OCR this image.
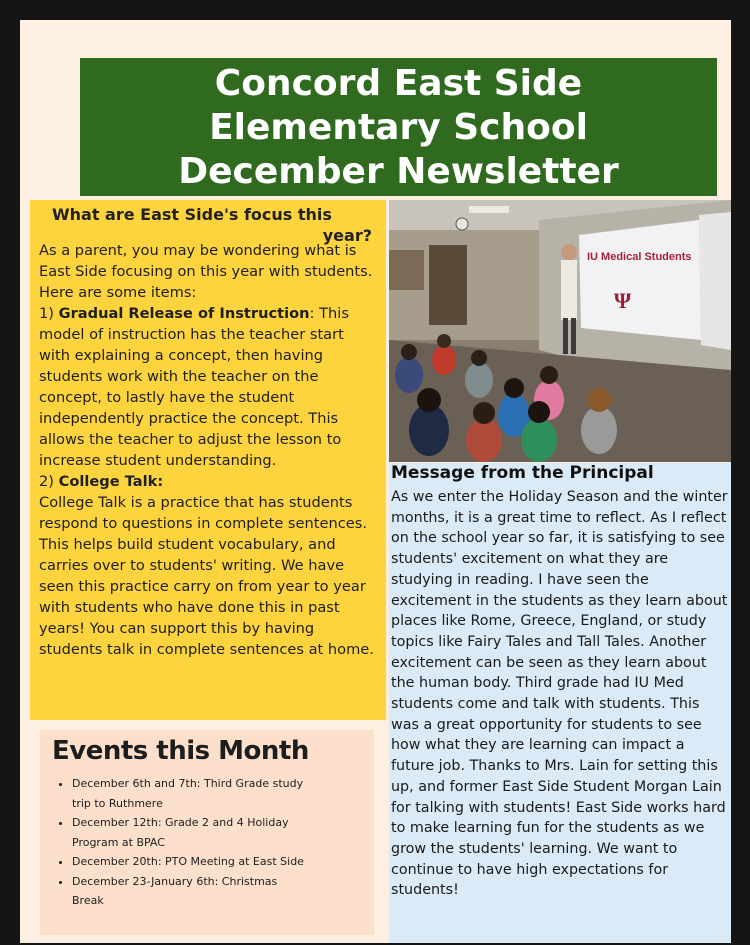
Concord East Side
Elementary School
December Newsletter
What are East Side's focus this
year?

As a parent, you may be wondering what is East Side focusing on this year with students. Here are some items:

1) Gradual Release of Instruction: This model of instruction has the teacher start with explaining a concept, then having students work with the teacher on the concept, to lastly have the student independently practice the concept. This allows the teacher to adjust the lesson to increase student understanding.

2) College Talk:

College Talk is a practice that has students respond to questions in complete sentences. This helps build student vocabulary, and carries over to students' writing. We have seen this practice carry on from year to year with students who have done this in past years! You can support this by having students talk in complete sentences at home.

Events this Month
• December 6th and 7th: Third Grade study trip to Ruthmere
• December 12th: Grade 2 and 4 Holiday Program at BPAC
• December 20th: PTO Meeting at East Side
• December 23-January 6th: Christmas Break
IU Medical Students
Ψ
Message from the Principal

As we enter the Holiday Season and the winter months, it is a great time to reflect. As I reflect on the school year so far, it is satisfying to see students' excitement on what they are studying in reading. I have seen the excitement in the students as they learn about places like Rome, Greece, England, or study topics like Fairy Tales and Tall Tales. Another excitement can be seen as they learn about the human body. Third grade had IU Med students come and talk with students. This was a great opportunity for students to see how what they are learning can impact a future job. Thanks to Mrs. Lain for setting this up, and former East Side Student Morgan Lain for talking with students! East Side works hard to make learning fun for the students as we grow the students' learning. We want to continue to have high expectations for students!
